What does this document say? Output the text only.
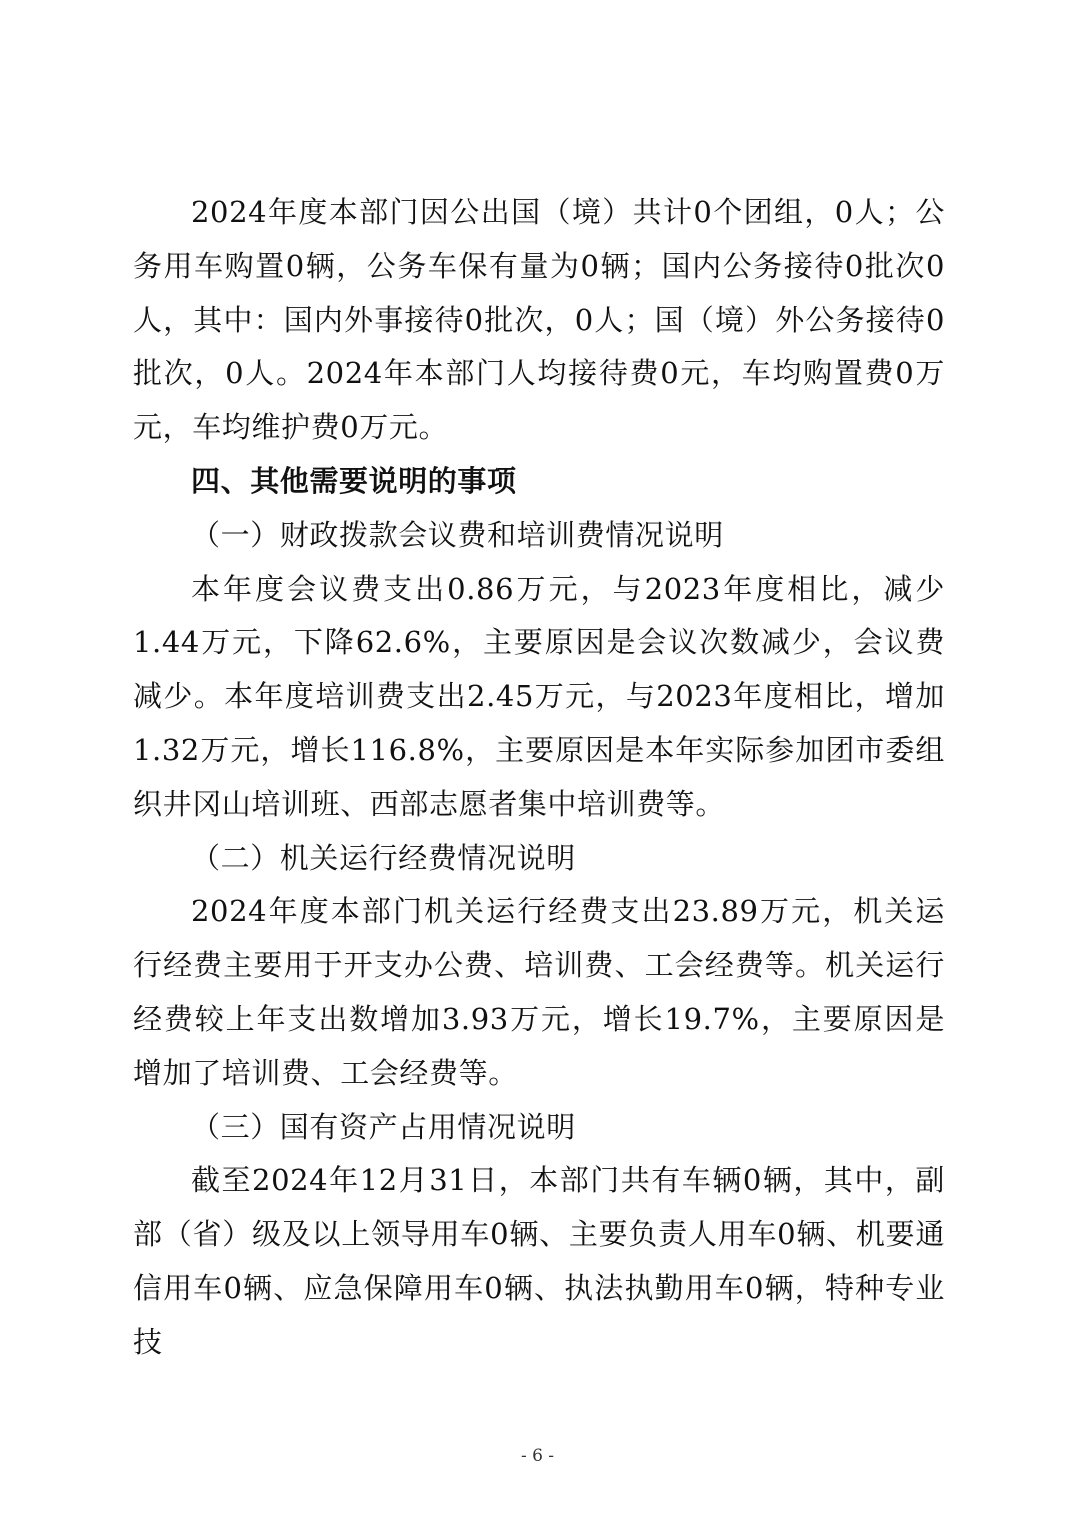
2024年度本部门因公出国（境）共计0个团组，0人；公务用车购置0辆，公务车保有量为0辆；国内公务接待0批次0人，其中：国内外事接待0批次，0人；国（境）外公务接待0批次，0人。2024年本部门人均接待费0元，车均购置费0万元，车均维护费0万元。

四、其他需要说明的事项

（一）财政拨款会议费和培训费情况说明

本年度会议费支出0.86万元，与2023年度相比，减少1.44万元，下降62.6%，主要原因是会议次数减少，会议费减少。本年度培训费支出2.45万元，与2023年度相比，增加1.32万元，增长116.8%，主要原因是本年实际参加团市委组织井冈山培训班、西部志愿者集中培训费等。

（二）机关运行经费情况说明

2024年度本部门机关运行经费支出23.89万元，机关运行经费主要用于开支办公费、培训费、工会经费等。机关运行经费较上年支出数增加3.93万元，增长19.7%，主要原因是增加了培训费、工会经费等。

（三）国有资产占用情况说明

截至2024年12月31日，本部门共有车辆0辆，其中，副部（省）级及以上领导用车0辆、主要负责人用车0辆、机要通信用车0辆、应急保障用车0辆、执法执勤用车0辆，特种专业技

- 6 -
